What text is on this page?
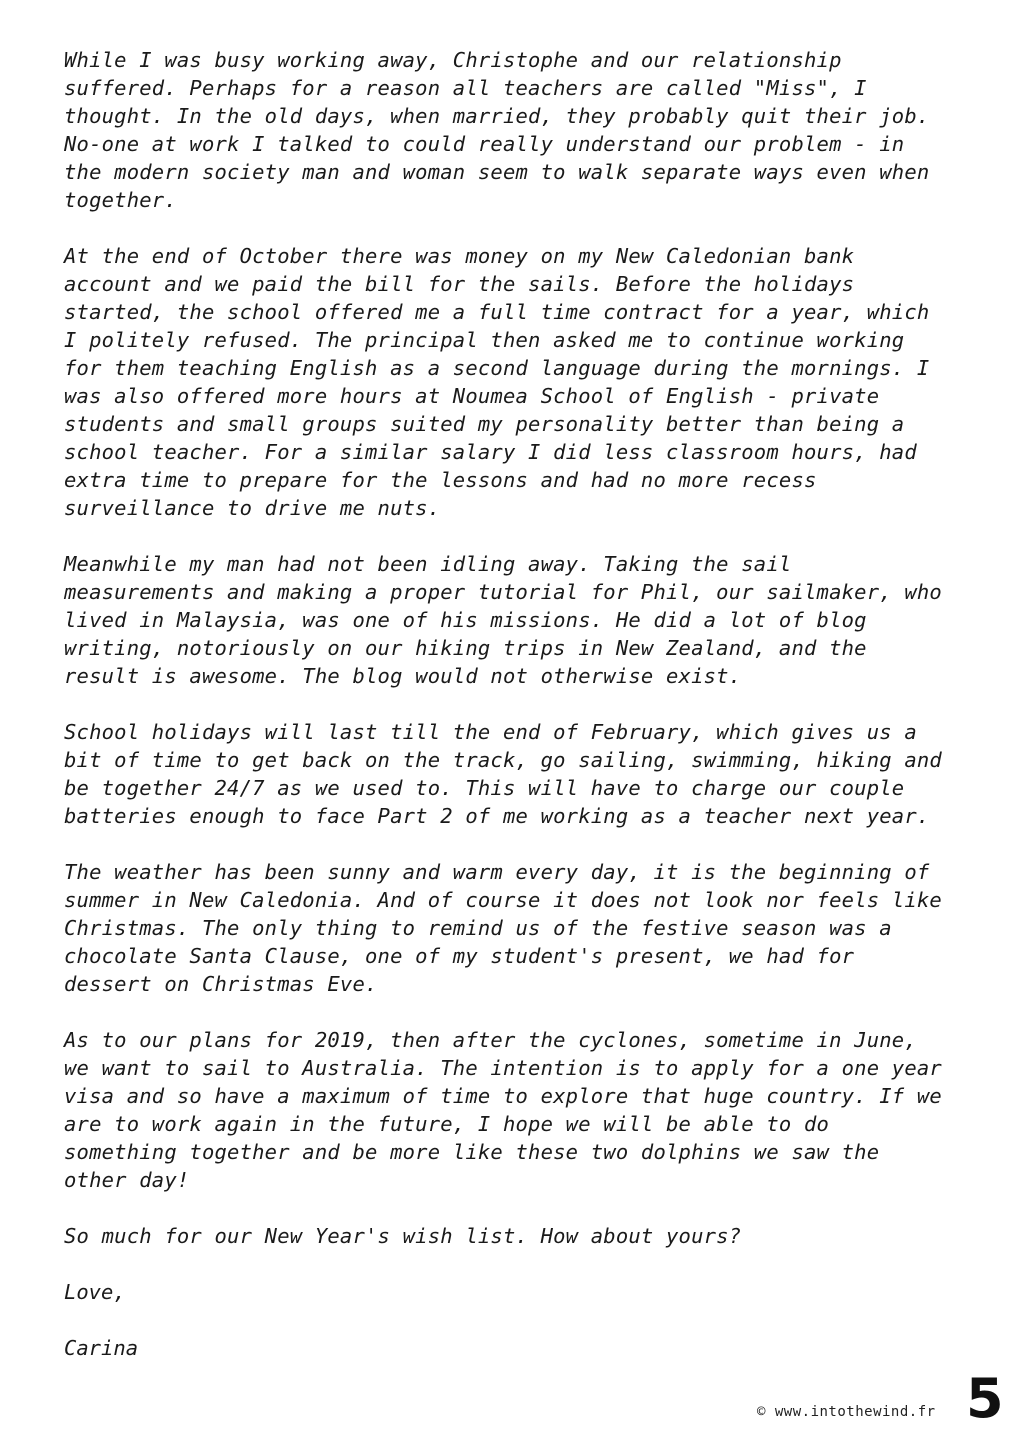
While I was busy working away, Christophe and our relationship suffered. Perhaps for a reason all teachers are called "Miss", I thought. In the old days, when married, they probably quit their job. No-one at work I talked to could really understand our problem - in the modern society man and woman seem to walk separate ways even when together.

At the end of October there was money on my New Caledonian bank account and we paid the bill for the sails. Before the holidays started, the school offered me a full time contract for a year, which I politely refused. The principal then asked me to continue working for them teaching English as a second language during the mornings. I was also offered more hours at Noumea School of English - private students and small groups suited my personality better than being a school teacher. For a similar salary I did less classroom hours, had extra time to prepare for the lessons and had no more recess surveillance to drive me nuts.

Meanwhile my man had not been idling away. Taking the sail measurements and making a proper tutorial for Phil, our sailmaker, who lived in Malaysia, was one of his missions. He did a lot of blog writing, notoriously on our hiking trips in New Zealand, and the result is awesome. The blog would not otherwise exist.

School holidays will last till the end of February, which gives us a bit of time to get back on the track, go sailing, swimming, hiking and be together 24/7 as we used to. This will have to charge our couple batteries enough to face Part 2 of me working as a teacher next year.

The weather has been sunny and warm every day, it is the beginning of summer in New Caledonia. And of course it does not look nor feels like Christmas. The only thing to remind us of the festive season was a chocolate Santa Clause, one of my student's present, we had for dessert on Christmas Eve.

As to our plans for 2019, then after the cyclones, sometime in June, we want to sail to Australia. The intention is to apply for a one year visa and so have a maximum of time to explore that huge country. If we are to work again in the future, I hope we will be able to do something together and be more like these two dolphins we saw the other day!

So much for our New Year's wish list. How about yours?

Love,

Carina

© www.intothewind.fr 5
